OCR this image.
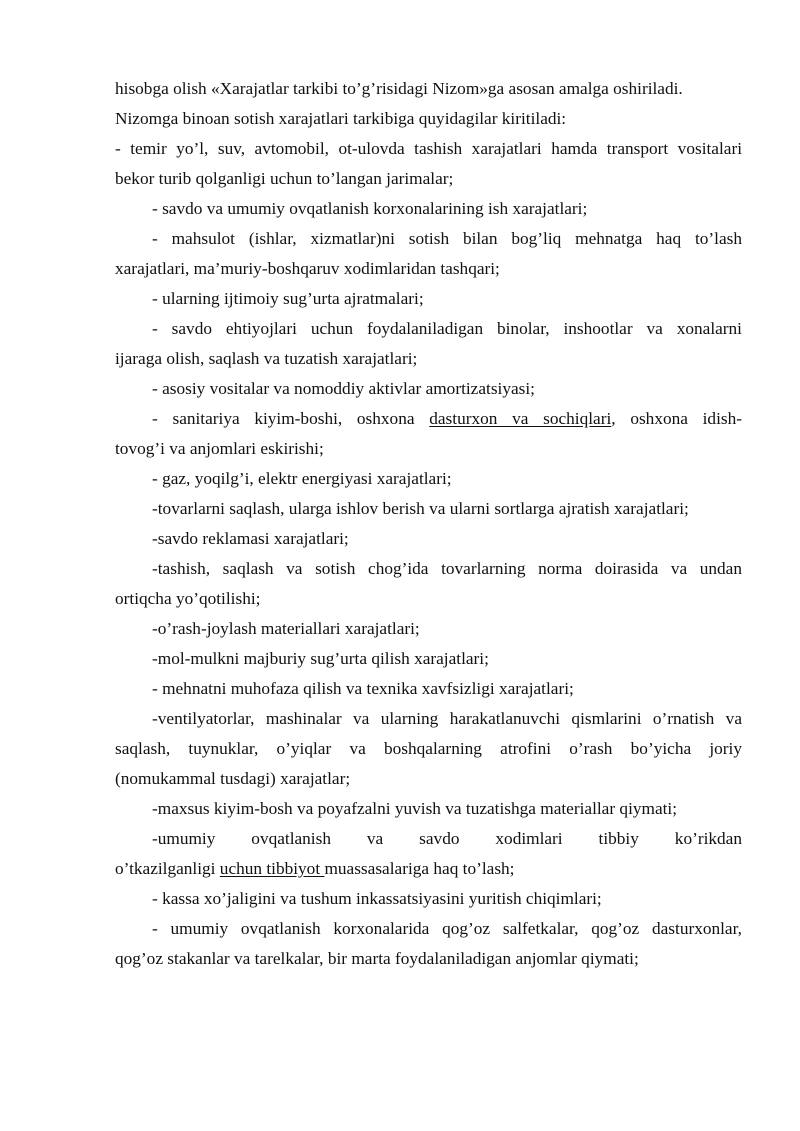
hisobga olish «Xarajatlar tarkibi to’g’risidagi Nizom»ga asosan amalga oshiriladi.
Nizomga binoan sotish xarajatlari tarkibiga quyidagilar kiritiladi:
- temir yo’l, suv, avtomobil, ot-ulovda tashish xarajatlari hamda transport vositalari
bekor turib qolganligi uchun to’langan jarimalar;
- savdo va umumiy ovqatlanish korxonalarining ish xarajatlari;
- mahsulot (ishlar, xizmatlar)ni sotish bilan bog’liq mehnatga haq to’lash
xarajatlari, ma’muriy-boshqaruv xodimlaridan tashqari;
- ularning ijtimoiy sug’urta ajratmalari;
- savdo ehtiyojlari uchun foydalaniladigan binolar, inshootlar va xonalarni
ijaraga olish, saqlash va tuzatish xarajatlari;
- asosiy vositalar va nomoddiy aktivlar amortizatsiyasi;
- sanitariya kiyim-boshi, oshxona dasturxon va sochiqlari, oshxona idish-
tovog’i va anjomlari eskirishi;
- gaz, yoqilg’i, elektr energiyasi xarajatlari;
-tovarlarni saqlash, ularga ishlov berish va ularni sortlarga ajratish xarajatlari;
-savdo reklamasi xarajatlari;
-tashish, saqlash va sotish chog’ida tovarlarning norma doirasida va undan
ortiqcha yo’qotilishi;
-o’rash-joylash materiallari xarajatlari;
-mol-mulkni majburiy sug’urta qilish xarajatlari;
- mehnatni muhofaza qilish va texnika xavfsizligi xarajatlari;
-ventilyatorlar, mashinalar va ularning harakatlanuvchi qismlarini o’rnatish va
saqlash, tuynuklar, o’yiqlar va boshqalarning atrofini o’rash bo’yicha joriy
(nomukammal tusdagi) xarajatlar;
-maxsus kiyim-bosh va poyafzalni yuvish va tuzatishga materiallar qiymati;
-umumiy ovqatlanish va savdo xodimlari tibbiy ko’rikdan
o’tkazilganligi uchun tibbiyot muassasalariga haq to’lash;
- kassa xo’jaligini va tushum inkassatsiyasini yuritish chiqimlari;
- umumiy ovqatlanish korxonalarida qog’oz salfetkalar, qog’oz dasturxonlar,
qog’oz stakanlar va tarelkalar, bir marta foydalaniladigan anjomlar qiymati;
